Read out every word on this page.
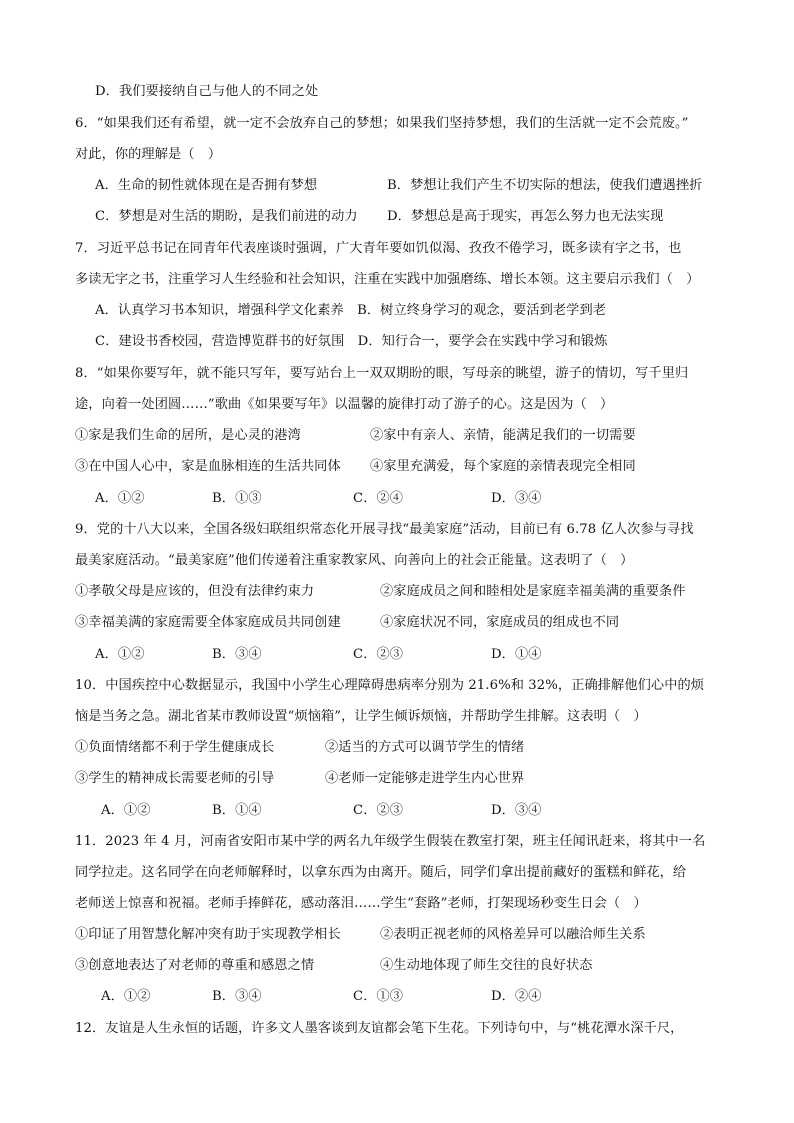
D．我们要接纳自己与他人的不同之处
6．“如果我们还有希望，就一定不会放弃自己的梦想；如果我们坚持梦想，我们的生活就一定不会荒废。”
对此，你的理解是（　）
A．生命的韧性就体现在是否拥有梦想	B．梦想让我们产生不切实际的想法，使我们遭遇挫折
C．梦想是对生活的期盼，是我们前进的动力 D．梦想总是高于现实，再怎么努力也无法实现
7．习近平总书记在同青年代表座谈时强调，广大青年要如饥似渴、孜孜不倦学习，既多读有字之书，也
多读无字之书，注重学习人生经验和社会知识，注重在实践中加强磨练、增长本领。这主要启示我们（　）
A．认真学习书本知识，增强科学文化素养　B．树立终身学习的观念，要活到老学到老
C．建设书香校园，营造博览群书的好氛围　D．知行合一，要学会在实践中学习和锻炼
8．“如果你要写年，就不能只写年，要写站台上一双双期盼的眼，写母亲的眺望，游子的情切，写千里归
途，向着一处团圆……”歌曲《如果要写年》以温馨的旋律打动了游子的心。这是因为（　）
①家是我们生命的居所，是心灵的港湾	②家中有亲人、亲情，能满足我们的一切需要
③在中国人心中，家是血脉相连的生活共同体 ④家里充满爱，每个家庭的亲情表现完全相同
A．①②	B．①③	C．②④	D．③④
9．党的十八大以来，全国各级妇联组织常态化开展寻找“最美家庭”活动，目前已有 6.78 亿人次参与寻找
最美家庭活动。“最美家庭”他们传递着注重家教家风、向善向上的社会正能量。这表明了（　）
①孝敬父母是应该的，但没有法律约束力	②家庭成员之间和睦相处是家庭幸福美满的重要条件
③幸福美满的家庭需要全体家庭成员共同创建	④家庭状况不同，家庭成员的组成也不同
A．①②	B．③④	C．②③	D．①④
10．中国疾控中心数据显示，我国中小学生心理障碍患病率分别为 21.6%和 32%，正确排解他们心中的烦
恼是当务之急。湖北省某市教师设置“烦恼箱”，让学生倾诉烦恼，并帮助学生排解。这表明（　）
①负面情绪都不利于学生健康成长	②适当的方式可以调节学生的情绪
③学生的精神成长需要老师的引导	④老师一定能够走进学生内心世界
A．①②	B．①④	C．②③	D．③④
11．2023 年 4 月，河南省安阳市某中学的两名九年级学生假装在教室打架，班主任闻讯赶来，将其中一名
同学拉走。这名同学在向老师解释时，以拿东西为由离开。随后，同学们拿出提前藏好的蛋糕和鲜花，给
老师送上惊喜和祝福。老师手捧鲜花，感动落泪……学生“套路”老师，打架现场秒变生日会（　）
①印证了用智慧化解冲突有助于实现教学相长	②表明正视老师的风格差异可以融洽师生关系
③创意地表达了对老师的尊重和感恩之情	④生动地体现了师生交往的良好状态
A．①②	B．③④	C．①③	D．②④
12．友谊是人生永恒的话题，许多文人墨客谈到友谊都会笔下生花。下列诗句中，与“桃花潭水深千尺，
